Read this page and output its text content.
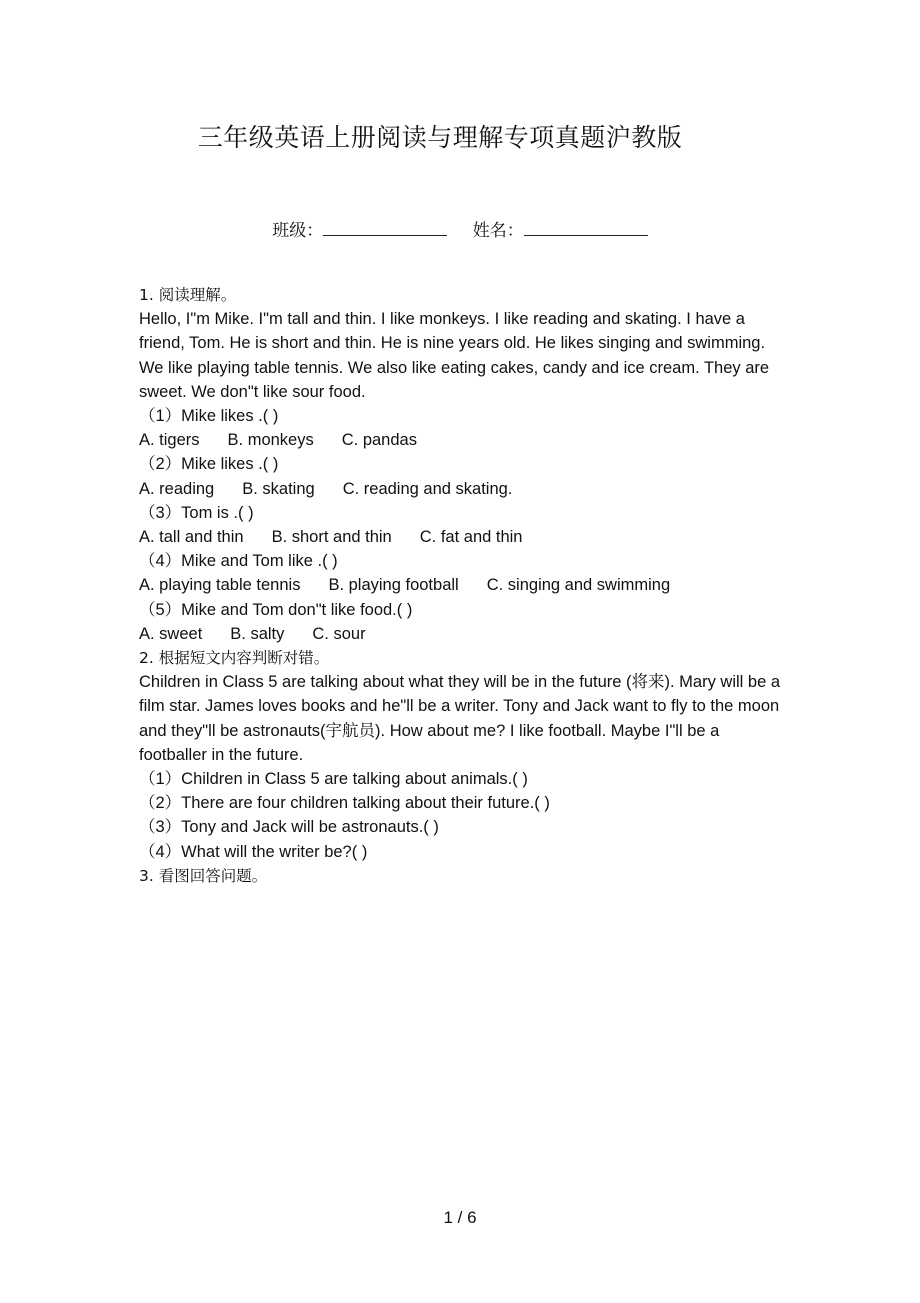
三年级英语上册阅读与理解专项真题沪教版
班级：	姓名：

1. 阅读理解。

Hello, I"m Mike. I"m tall and thin. I like monkeys. I like reading and skating. I have a friend, Tom. He is short and thin. He is nine years old. He likes singing and swimming. We like playing table tennis. We also like eating cakes, candy and ice cream. They are sweet. We don"t like sour food.

（1）Mike likes .( )

A. tigers B. monkeys C. pandas

（2）Mike likes .( )

A. reading B. skating C. reading and skating.

（3）Tom is .( )

A. tall and thin B. short and thin C. fat and thin

（4）Mike and Tom like .( )

A. playing table tennis B. playing football C. singing and swimming

（5）Mike and Tom don"t like food.( )

A. sweet B. salty C. sour

2. 根据短文内容判断对错。

Children in Class 5 are talking about what they will be in the future (将来). Mary will be a film star. James loves books and he"ll be a writer. Tony and Jack want to fly to the moon and they"ll be astronauts(宇航员). How about me? I like football. Maybe I"ll be a footballer in the future.

（1）Children in Class 5 are talking about animals.( )

（2）There are four children talking about their future.( )

（3）Tony and Jack will be astronauts.( )

（4）What will the writer be?( )

3. 看图回答问题。

1 / 6
